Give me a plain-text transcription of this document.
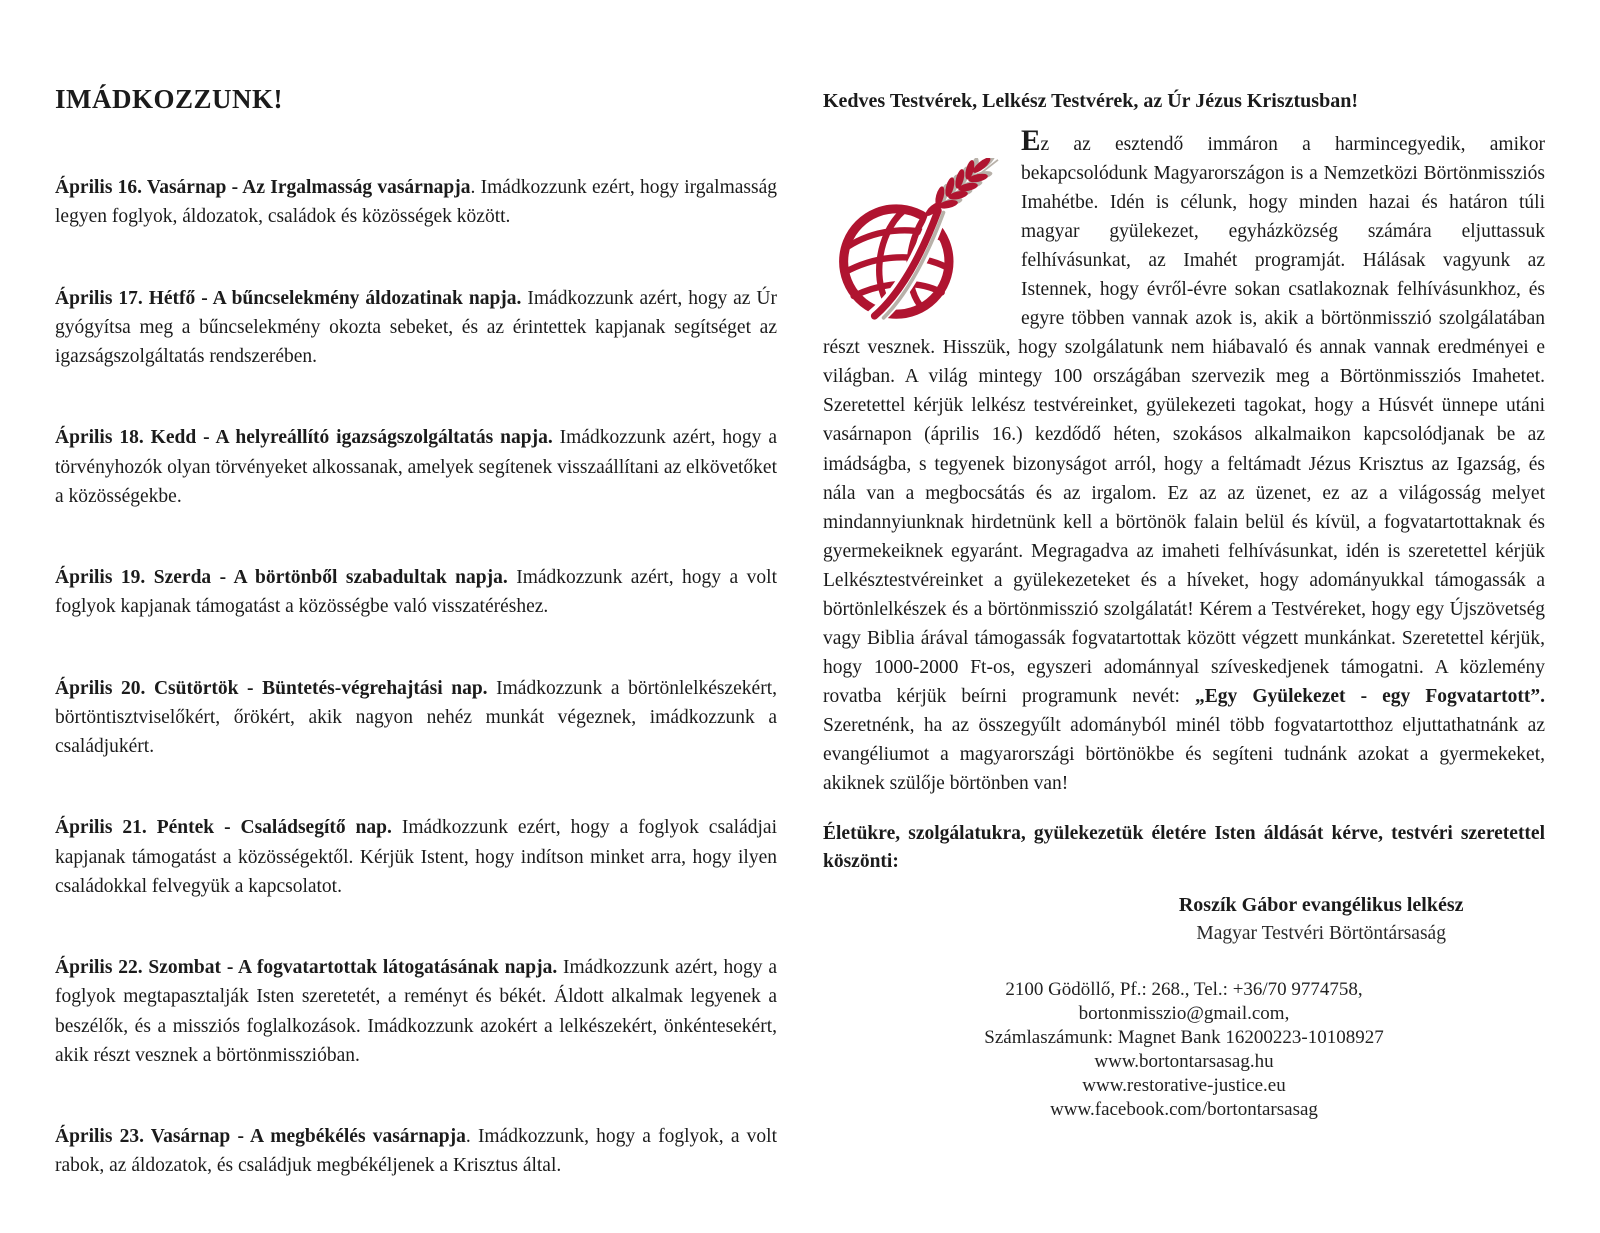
IMÁDKOZZUNK!

Április 16. Vasárnap - Az Irgalmasság vasárnapja. Imádkozzunk ezért, hogy irgalmasság legyen foglyok, áldozatok, családok és közösségek között.

Április 17. Hétfő - A bűncselekmény áldozatinak napja. Imádkozzunk azért, hogy az Úr gyógyítsa meg a bűncselekmény okozta sebeket, és az érintettek kapjanak segítséget az igazságszolgáltatás rendszerében.

Április 18. Kedd - A helyreállító igazságszolgáltatás napja. Imádkozzunk azért, hogy a törvényhozók olyan törvényeket alkossanak, amelyek segítenek visszaállítani az elkövetőket a közösségekbe.

Április 19. Szerda - A börtönből szabadultak napja. Imádkozzunk azért, hogy a volt foglyok kapjanak támogatást a közösségbe való visszatéréshez.

Április 20. Csütörtök - Büntetés-végrehajtási nap. Imádkozzunk a börtönlelkészekért, börtöntisztviselőkért, őrökért, akik nagyon nehéz munkát végeznek, imádkozzunk a családjukért.

Április 21. Péntek - Családsegítő nap. Imádkozzunk ezért, hogy a foglyok családjai kapjanak támogatást a közösségektől. Kérjük Istent, hogy indítson minket arra, hogy ilyen családokkal felvegyük a kapcsolatot.

Április 22. Szombat - A fogvatartottak látogatásának napja. Imádkozzunk azért, hogy a foglyok megtapasztalják Isten szeretetét, a reményt és békét. Áldott alkalmak legyenek a beszélők, és a missziós foglalkozások. Imádkozzunk azokért a lelkészekért, önkéntesekért, akik részt vesznek a börtönmisszióban.

Április 23. Vasárnap - A megbékélés vasárnapja. Imádkozzunk, hogy a foglyok, a volt rabok, az áldozatok, és családjuk megbékéljenek a Krisztus által.

Kedves Testvérek, Lelkész Testvérek, az Úr Jézus Krisztusban!
Ez az esztendő immáron a harmincegyedik, amikor bekapcsolódunk Magyarországon is a Nemzetközi Börtönmissziós Imahétbe. Idén is célunk, hogy minden hazai és határon túli magyar gyülekezet, egyházközség számára eljuttassuk felhívásunkat, az Imahét programját. Hálásak vagyunk az Istennek, hogy évről-évre sokan csatlakoznak felhívásunkhoz, és egyre többen vannak azok is, akik a börtönmisszió szolgálatában részt vesznek. Hisszük, hogy szolgálatunk nem hiábavaló és annak vannak eredményei e világban. A világ mintegy 100 országában szervezik meg a Börtönmissziós Imahetet. Szeretettel kérjük lelkész testvéreinket, gyülekezeti tagokat, hogy a Húsvét ünnepe utáni vasárnapon (április 16.) kezdődő héten, szokásos alkalmaikon kapcsolódjanak be az imádságba, s tegyenek bizonyságot arról, hogy a feltámadt Jézus Krisztus az Igazság, és nála van a megbocsátás és az irgalom. Ez az az üzenet, ez az a világosság melyet mindannyiunknak hirdetnünk kell a börtönök falain belül és kívül, a fogvatartottaknak és gyermekeiknek egyaránt. Megragadva az imaheti felhívásunkat, idén is szeretettel kérjük Lelkésztestvéreinket a gyülekezeteket és a híveket, hogy adományukkal támogassák a börtönlelkészek és a börtönmisszió szolgálatát! Kérem a Testvéreket, hogy egy Újszövetség vagy Biblia árával támogassák fogvatartottak között végzett munkánkat. Szeretettel kérjük, hogy 1000-2000 Ft-os, egyszeri adománnyal szíveskedjenek támogatni. A közlemény rovatba kérjük beírni programunk nevét: „Egy Gyülekezet - egy Fogvatartott”. Szeretnénk, ha az összegyűlt adományból minél több fogvatartotthoz eljuttathatnánk az evangéliumot a magyarországi börtönökbe és segíteni tudnánk azokat a gyermekeket, akiknek szülője börtönben van!

Életükre, szolgálatukra, gyülekezetük életére Isten áldását kérve, testvéri szeretettel köszönti:

Roszík Gábor evangélikus lelkész
Magyar Testvéri Börtöntársaság
2100 Gödöllő, Pf.: 268., Tel.: +36/70 9774758,
bortonmisszio@gmail.com,
Számlaszámunk: Magnet Bank 16200223-10108927
www.bortontarsasag.hu
www.restorative-justice.eu
www.facebook.com/bortontarsasag
